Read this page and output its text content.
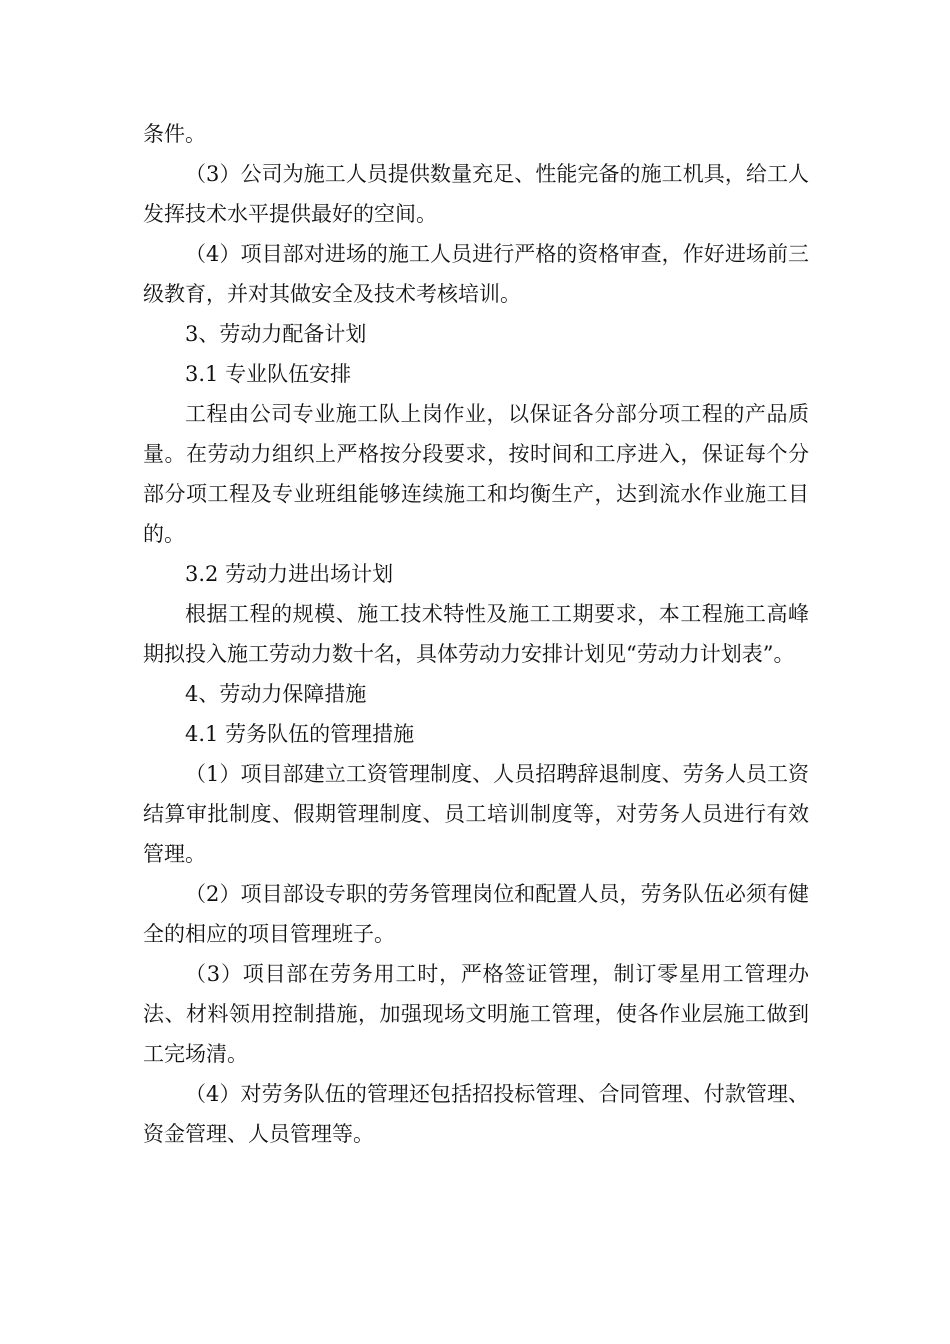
条件。

（3）公司为施工人员提供数量充足、性能完备的施工机具，给工人发挥技术水平提供最好的空间。

（4）项目部对进场的施工人员进行严格的资格审查，作好进场前三级教育，并对其做安全及技术考核培训。

3、劳动力配备计划

3.1 专业队伍安排

工程由公司专业施工队上岗作业，以保证各分部分项工程的产品质量。在劳动力组织上严格按分段要求，按时间和工序进入，保证每个分部分项工程及专业班组能够连续施工和均衡生产，达到流水作业施工目的。

3.2 劳动力进出场计划

根据工程的规模、施工技术特性及施工工期要求，本工程施工高峰期拟投入施工劳动力数十名，具体劳动力安排计划见“劳动力计划表”。

4、劳动力保障措施

4.1 劳务队伍的管理措施

（1）项目部建立工资管理制度、人员招聘辞退制度、劳务人员工资结算审批制度、假期管理制度、员工培训制度等，对劳务人员进行有效管理。

（2）项目部设专职的劳务管理岗位和配置人员，劳务队伍必须有健全的相应的项目管理班子。

（3）项目部在劳务用工时，严格签证管理，制订零星用工管理办法、材料领用控制措施，加强现场文明施工管理，使各作业层施工做到工完场清。

（4）对劳务队伍的管理还包括招投标管理、合同管理、付款管理、资金管理、人员管理等。
